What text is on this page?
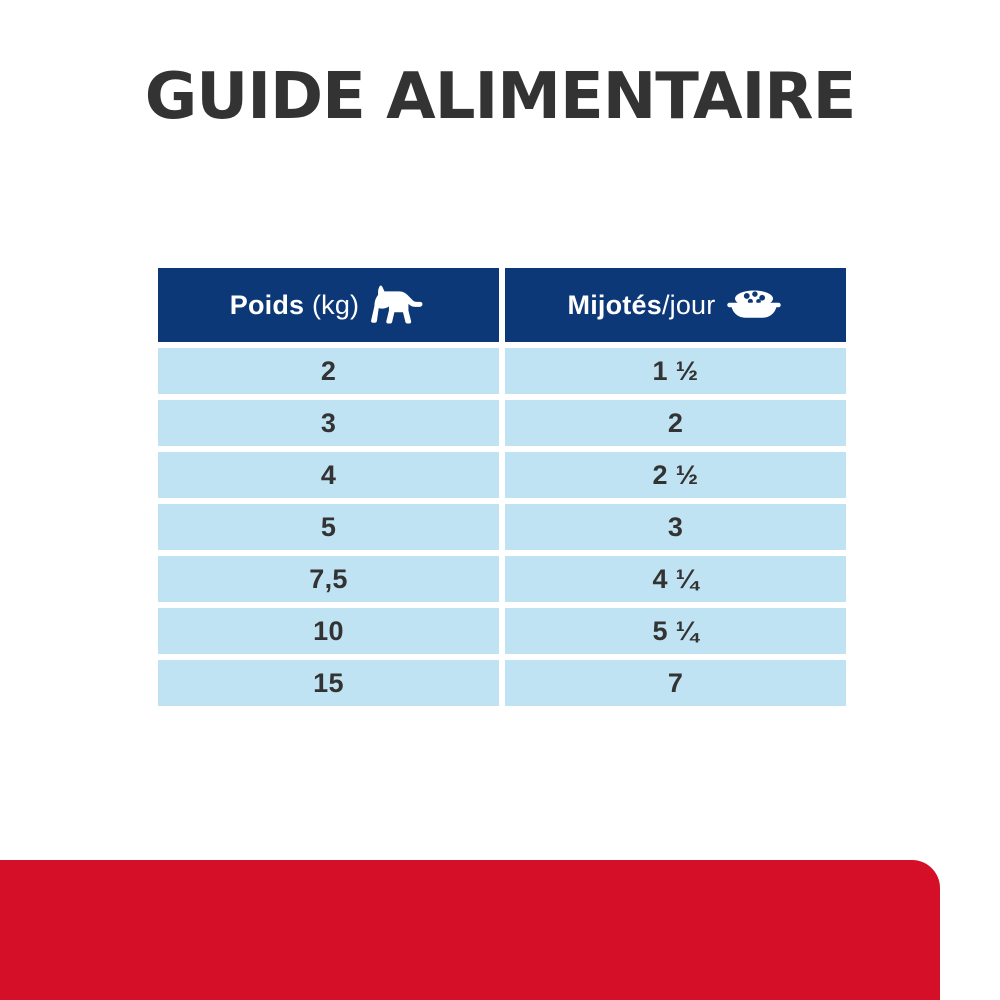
GUIDE ALIMENTAIRE
Poids (kg)	Mijotés/jour
2	1 ½
3	2
4	2 ½
5	3
7,5	4 ¼
10	5 ¼
15	7
